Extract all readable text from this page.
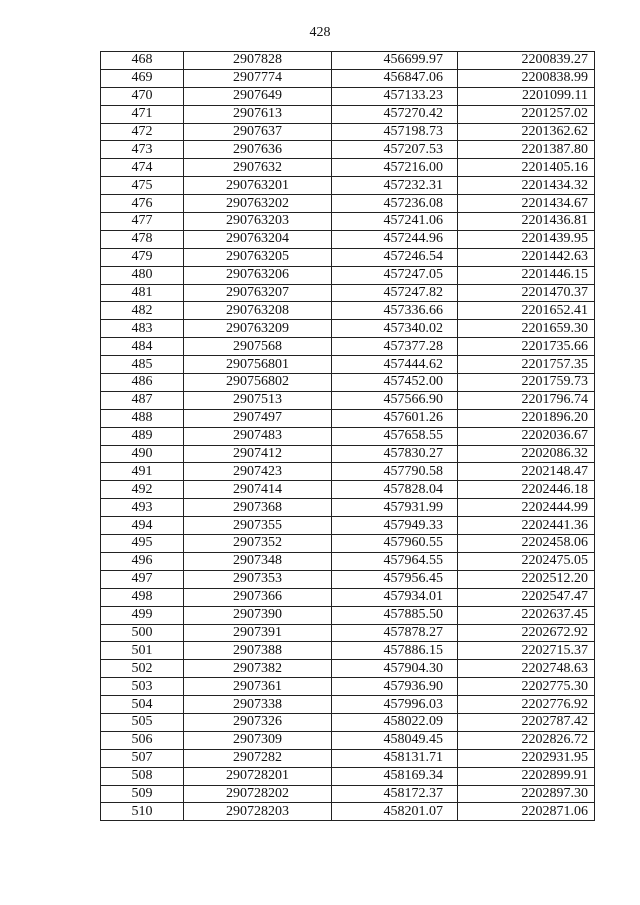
428
468	2907828	456699.97	2200839.27
469	2907774	456847.06	2200838.99
470	2907649	457133.23	2201099.11
471	2907613	457270.42	2201257.02
472	2907637	457198.73	2201362.62
473	2907636	457207.53	2201387.80
474	2907632	457216.00	2201405.16
475	290763201	457232.31	2201434.32
476	290763202	457236.08	2201434.67
477	290763203	457241.06	2201436.81
478	290763204	457244.96	2201439.95
479	290763205	457246.54	2201442.63
480	290763206	457247.05	2201446.15
481	290763207	457247.82	2201470.37
482	290763208	457336.66	2201652.41
483	290763209	457340.02	2201659.30
484	2907568	457377.28	2201735.66
485	290756801	457444.62	2201757.35
486	290756802	457452.00	2201759.73
487	2907513	457566.90	2201796.74
488	2907497	457601.26	2201896.20
489	2907483	457658.55	2202036.67
490	2907412	457830.27	2202086.32
491	2907423	457790.58	2202148.47
492	2907414	457828.04	2202446.18
493	2907368	457931.99	2202444.99
494	2907355	457949.33	2202441.36
495	2907352	457960.55	2202458.06
496	2907348	457964.55	2202475.05
497	2907353	457956.45	2202512.20
498	2907366	457934.01	2202547.47
499	2907390	457885.50	2202637.45
500	2907391	457878.27	2202672.92
501	2907388	457886.15	2202715.37
502	2907382	457904.30	2202748.63
503	2907361	457936.90	2202775.30
504	2907338	457996.03	2202776.92
505	2907326	458022.09	2202787.42
506	2907309	458049.45	2202826.72
507	2907282	458131.71	2202931.95
508	290728201	458169.34	2202899.91
509	290728202	458172.37	2202897.30
510	290728203	458201.07	2202871.06
